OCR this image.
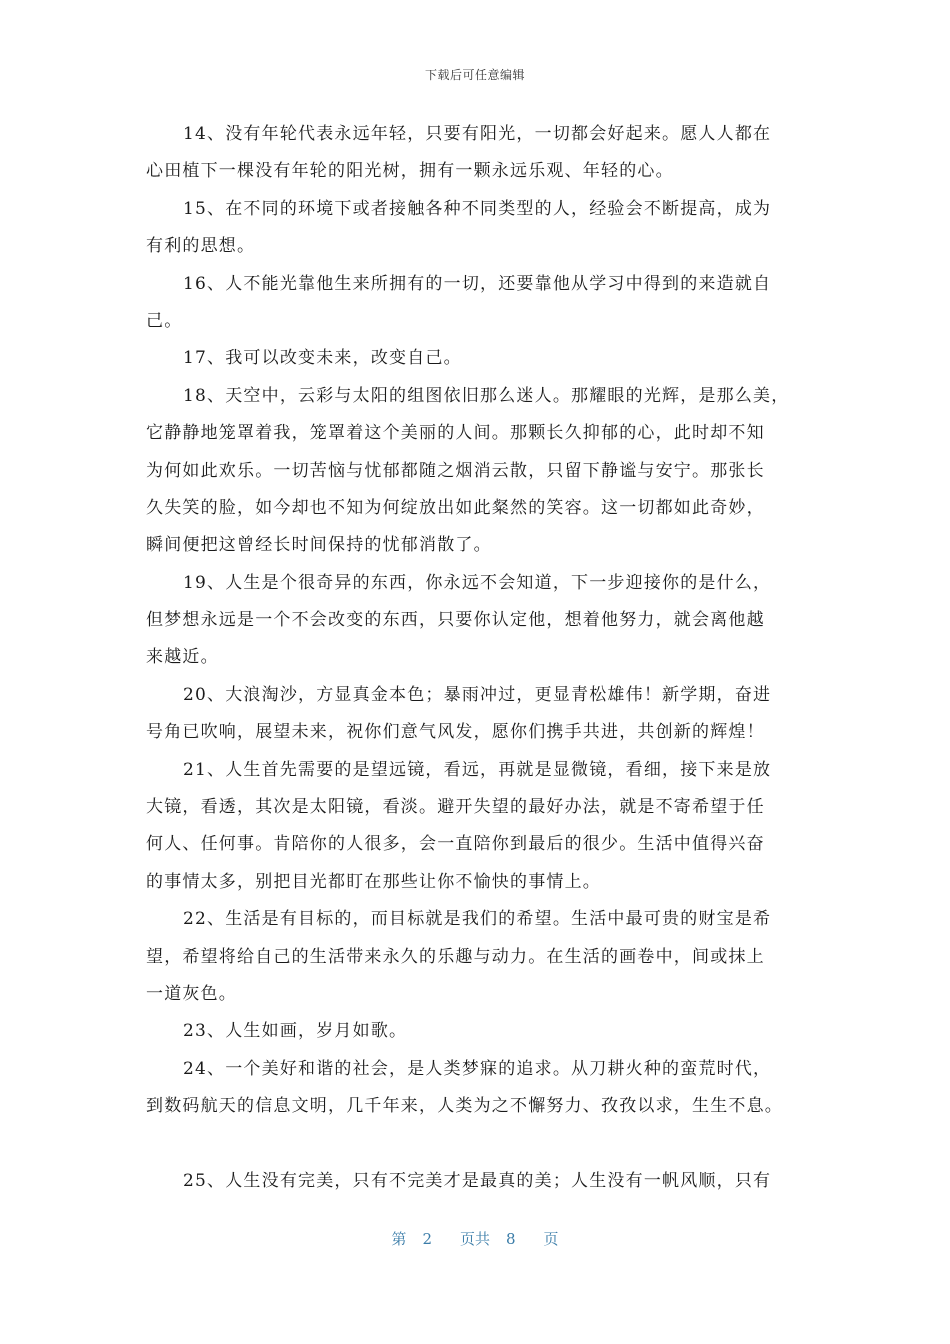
下载后可任意编辑
14、没有年轮代表永远年轻，只要有阳光，一切都会好起来。愿人人都在
心田植下一棵没有年轮的阳光树，拥有一颗永远乐观、年轻的心。
15、在不同的环境下或者接触各种不同类型的人，经验会不断提高，成为
有利的思想。
16、人不能光靠他生来所拥有的一切，还要靠他从学习中得到的来造就自
己。
17、我可以改变未来，改变自己。
18、天空中，云彩与太阳的组图依旧那么迷人。那耀眼的光辉，是那么美，
它静静地笼罩着我，笼罩着这个美丽的人间。那颗长久抑郁的心，此时却不知
为何如此欢乐。一切苦恼与忧郁都随之烟消云散，只留下静谧与安宁。那张长
久失笑的脸，如今却也不知为何绽放出如此粲然的笑容。这一切都如此奇妙，
瞬间便把这曾经长时间保持的忧郁消散了。
19、人生是个很奇异的东西，你永远不会知道，下一步迎接你的是什么，
但梦想永远是一个不会改变的东西，只要你认定他，想着他努力，就会离他越
来越近。
20、大浪淘沙，方显真金本色；暴雨冲过，更显青松雄伟！新学期，奋进
号角已吹响，展望未来，祝你们意气风发，愿你们携手共进，共创新的辉煌！
21、人生首先需要的是望远镜，看远，再就是显微镜，看细，接下来是放
大镜，看透，其次是太阳镜，看淡。避开失望的最好办法，就是不寄希望于任
何人、任何事。肯陪你的人很多，会一直陪你到最后的很少。生活中值得兴奋
的事情太多，别把目光都盯在那些让你不愉快的事情上。
22、生活是有目标的，而目标就是我们的希望。生活中最可贵的财宝是希
望，希望将给自己的生活带来永久的乐趣与动力。在生活的画卷中，间或抹上
一道灰色。
23、人生如画，岁月如歌。
24、一个美好和谐的社会，是人类梦寐的追求。从刀耕火种的蛮荒时代，
到数码航天的信息文明，几千年来，人类为之不懈努力、孜孜以求，生生不息。
25、人生没有完美，只有不完美才是最真的美；人生没有一帆风顺，只有
第 2 页共 8 页
